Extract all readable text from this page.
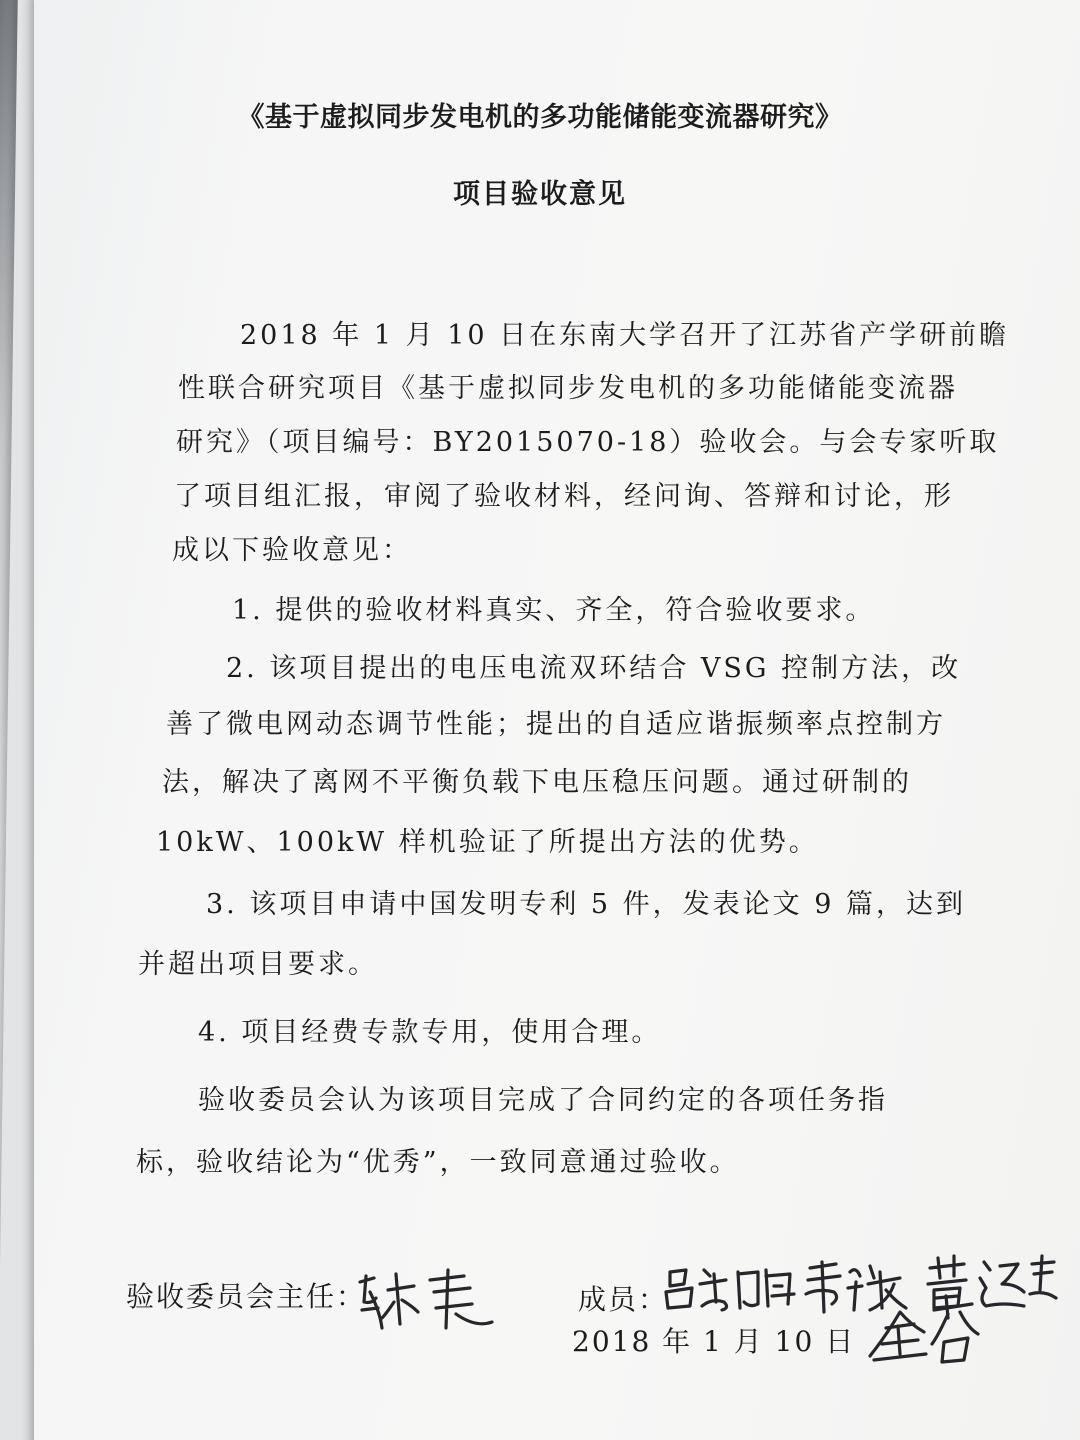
《基于虚拟同步发电机的多功能储能变流器研究》
项目验收意见
2018 年 1 月 10 日在东南大学召开了江苏省产学研前瞻
性联合研究项目《基于虚拟同步发电机的多功能储能变流器
研究》（项目编号：BY2015070-18）验收会。与会专家听取
了项目组汇报，审阅了验收材料，经问询、答辩和讨论，形
成以下验收意见：
1. 提供的验收材料真实、齐全，符合验收要求。
2. 该项目提出的电压电流双环结合 VSG 控制方法，改
善了微电网动态调节性能；提出的自适应谐振频率点控制方
法，解决了离网不平衡负载下电压稳压问题。通过研制的
10kW、100kW 样机验证了所提出方法的优势。
3. 该项目申请中国发明专利 5 件，发表论文 9 篇，达到
并超出项目要求。
4. 项目经费专款专用，使用合理。
验收委员会认为该项目完成了合同约定的各项任务指
标，验收结论为“优秀”，一致同意通过验收。
验收委员会主任：	成员：
2018 年 1 月 10 日
